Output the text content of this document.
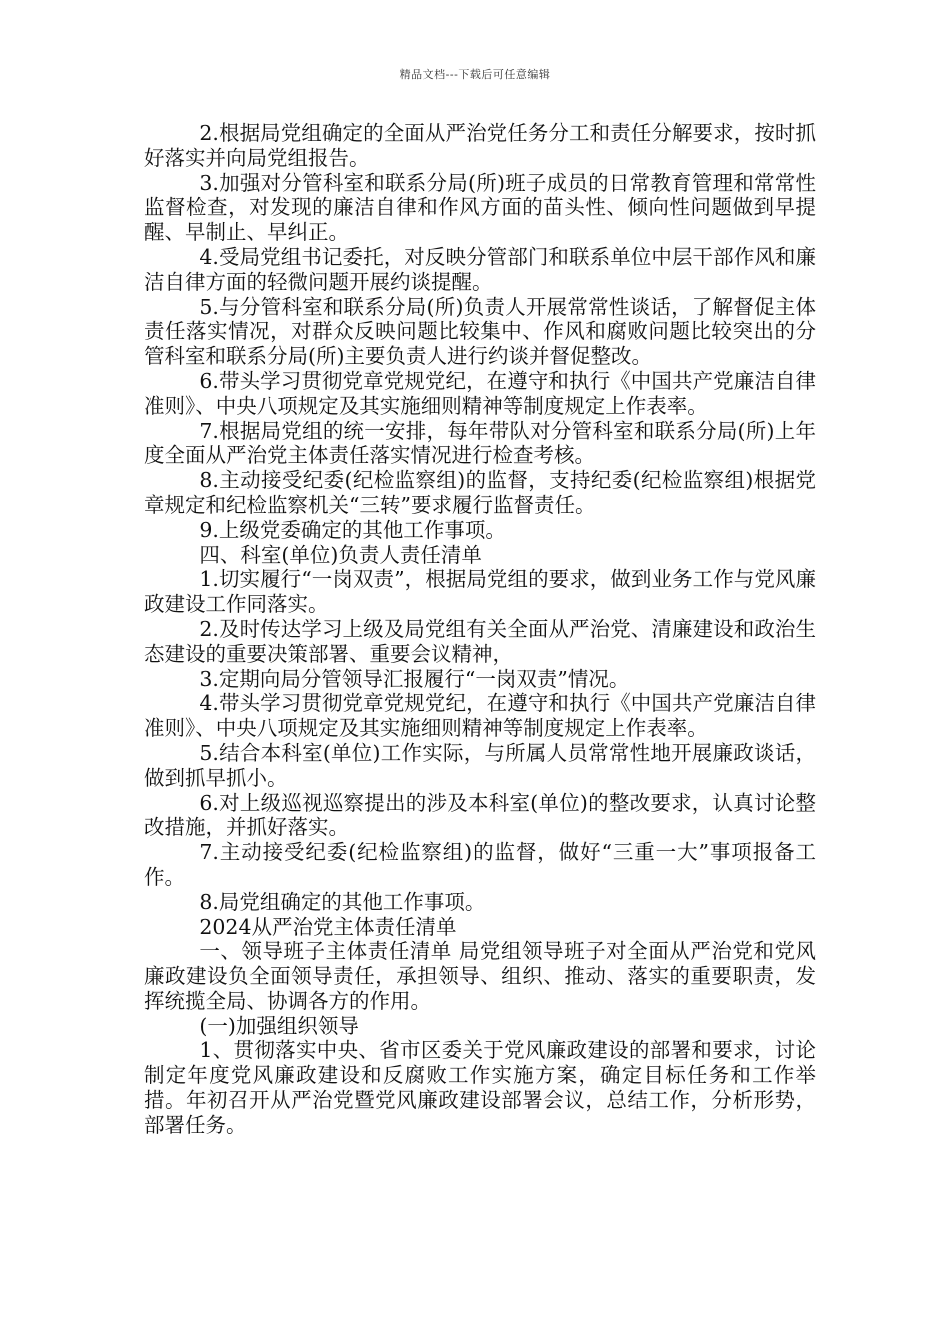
精品文档---下载后可任意编辑

2.根据局党组确定的全面从严治党任务分工和责任分解要求，按时抓好落实并向局党组报告。

3.加强对分管科室和联系分局(所)班子成员的日常教育管理和常常性监督检查，对发现的廉洁自律和作风方面的苗头性、倾向性问题做到早提醒、早制止、早纠正。

4.受局党组书记委托，对反映分管部门和联系单位中层干部作风和廉洁自律方面的轻微问题开展约谈提醒。

5.与分管科室和联系分局(所)负责人开展常常性谈话，了解督促主体责任落实情况，对群众反映问题比较集中、作风和腐败问题比较突出的分管科室和联系分局(所)主要负责人进行约谈并督促整改。

6.带头学习贯彻党章党规党纪，在遵守和执行《中国共产党廉洁自律准则》、中央八项规定及其实施细则精神等制度规定上作表率。

7.根据局党组的统一安排，每年带队对分管科室和联系分局(所)上年度全面从严治党主体责任落实情况进行检查考核。

8.主动接受纪委(纪检监察组)的监督，支持纪委(纪检监察组)根据党章规定和纪检监察机关“三转”要求履行监督责任。

9.上级党委确定的其他工作事项。

四、科室(单位)负责人责任清单

1.切实履行“一岗双责”，根据局党组的要求，做到业务工作与党风廉政建设工作同落实。

2.及时传达学习上级及局党组有关全面从严治党、清廉建设和政治生态建设的重要决策部署、重要会议精神，

3.定期向局分管领导汇报履行“一岗双责”情况。

4.带头学习贯彻党章党规党纪，在遵守和执行《中国共产党廉洁自律准则》、中央八项规定及其实施细则精神等制度规定上作表率。

5.结合本科室(单位)工作实际，与所属人员常常性地开展廉政谈话，做到抓早抓小。

6.对上级巡视巡察提出的涉及本科室(单位)的整改要求，认真讨论整改措施，并抓好落实。

7.主动接受纪委(纪检监察组)的监督，做好“三重一大”事项报备工作。

8.局党组确定的其他工作事项。

2024从严治党主体责任清单

一、领导班子主体责任清单 局党组领导班子对全面从严治党和党风廉政建设负全面领导责任，承担领导、组织、推动、落实的重要职责，发挥统揽全局、协调各方的作用。

(一)加强组织领导

1、贯彻落实中央、省市区委关于党风廉政建设的部署和要求，讨论制定年度党风廉政建设和反腐败工作实施方案，确定目标任务和工作举措。年初召开从严治党暨党风廉政建设部署会议，总结工作，分析形势，部署任务。
